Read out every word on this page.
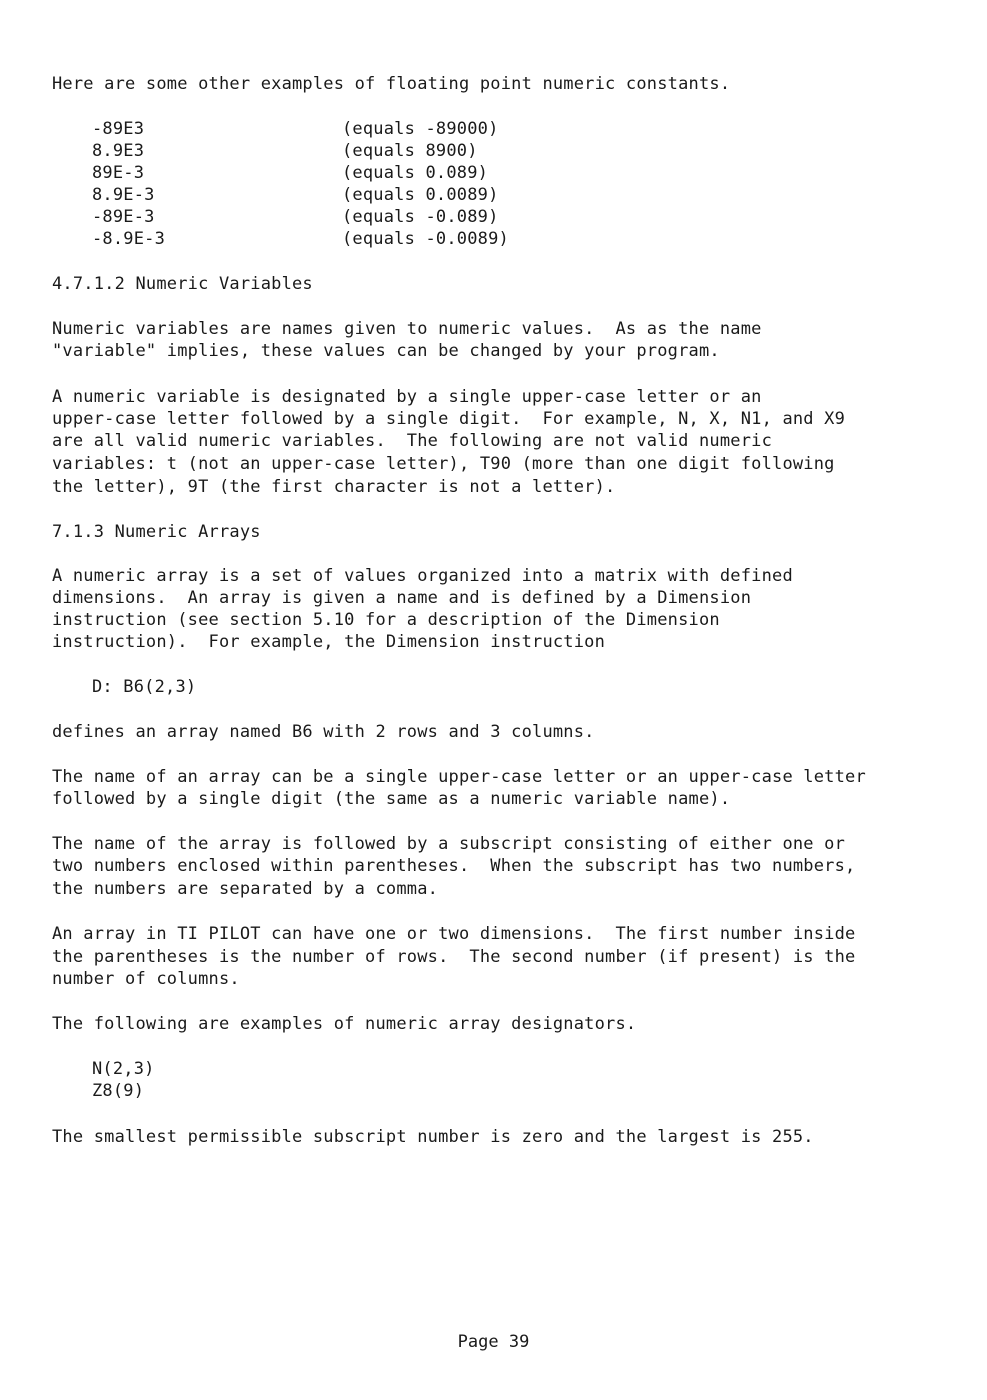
Here are some other examples of floating point numeric constants.
-89E3	(equals -89000)
8.9E3	(equals 8900)
89E-3	(equals 0.089)
8.9E-3	(equals 0.0089)
-89E-3	(equals -0.089)
-8.9E-3	(equals -0.0089)
4.7.1.2 Numeric Variables
Numeric variables are names given to numeric values.  As as the name
"variable" implies, these values can be changed by your program.
A numeric variable is designated by a single upper-case letter or an
upper-case letter followed by a single digit.  For example, N, X, N1, and X9
are all valid numeric variables.  The following are not valid numeric
variables: t (not an upper-case letter), T90 (more than one digit following
the letter), 9T (the first character is not a letter).
7.1.3 Numeric Arrays
A numeric array is a set of values organized into a matrix with defined
dimensions.  An array is given a name and is defined by a Dimension
instruction (see section 5.10 for a description of the Dimension
instruction).  For example, the Dimension instruction
D: B6(2,3)
defines an array named B6 with 2 rows and 3 columns.
The name of an array can be a single upper-case letter or an upper-case letter
followed by a single digit (the same as a numeric variable name).
The name of the array is followed by a subscript consisting of either one or
two numbers enclosed within parentheses.  When the subscript has two numbers,
the numbers are separated by a comma.
An array in TI PILOT can have one or two dimensions.  The first number inside
the parentheses is the number of rows.  The second number (if present) is the
number of columns.
The following are examples of numeric array designators.
N(2,3)
Z8(9)
The smallest permissible subscript number is zero and the largest is 255.
Page 39
